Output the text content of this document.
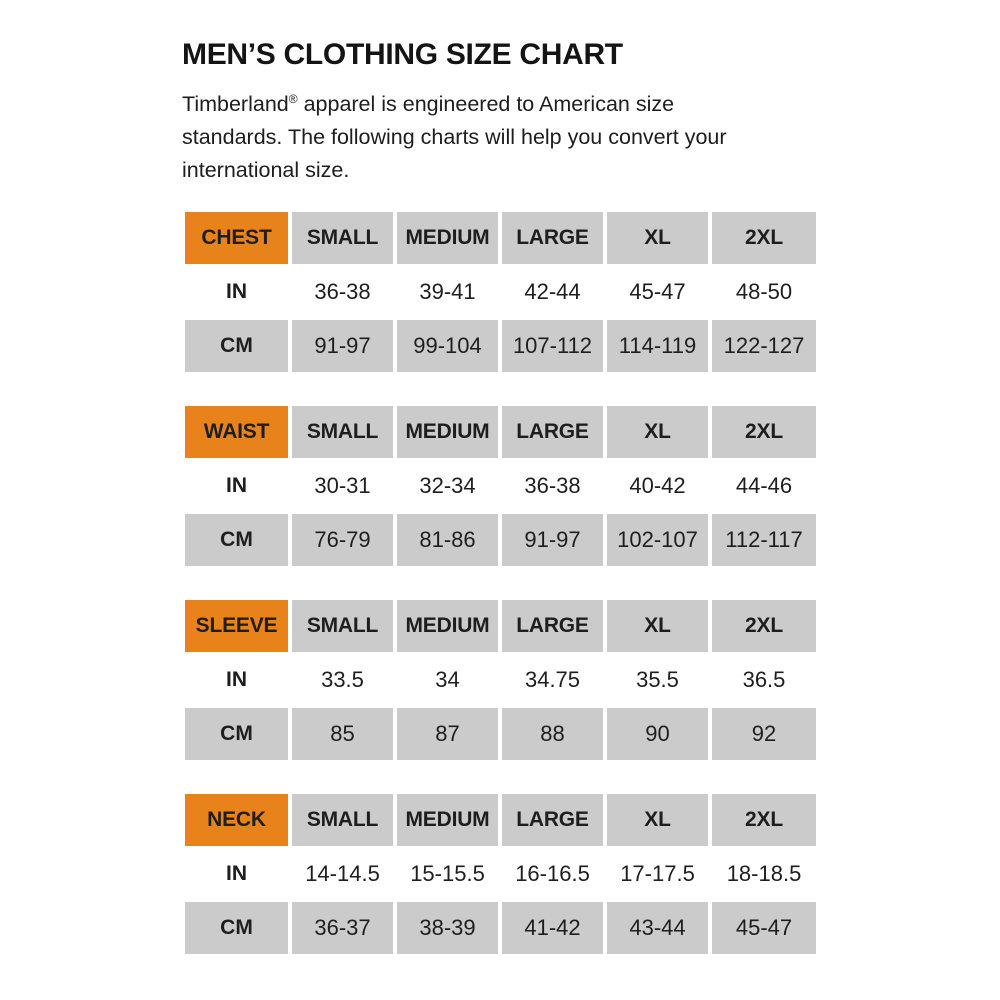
MEN’S CLOTHING SIZE CHART

Timberland® apparel is engineered to American size
standards. The following charts will help you convert your
international size.

CHEST	SMALL	MEDIUM	LARGE	XL	2XL
IN	36-38	39-41	42-44	45-47	48-50
CM	91-97	99-104	107-112	114-119	122-127
WAIST	SMALL	MEDIUM	LARGE	XL	2XL
IN	30-31	32-34	36-38	40-42	44-46
CM	76-79	81-86	91-97	102-107	112-117
SLEEVE	SMALL	MEDIUM	LARGE	XL	2XL
IN	33.5	34	34.75	35.5	36.5
CM	85	87	88	90	92
NECK	SMALL	MEDIUM	LARGE	XL	2XL
IN	14-14.5	15-15.5	16-16.5	17-17.5	18-18.5
CM	36-37	38-39	41-42	43-44	45-47
